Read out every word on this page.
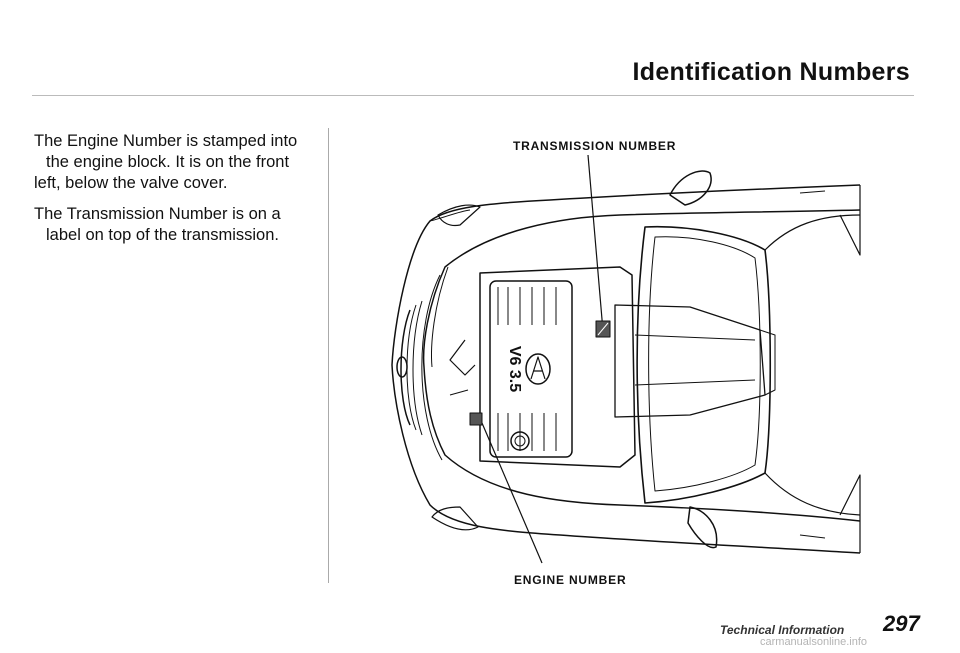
Identification Numbers
The Engine Number is stamped into
the engine block. It is on the front
left, below the valve cover.
The Transmission Number is on a
label on top of the transmission.
TRANSMISSION NUMBER
ENGINE NUMBER
V6 3.5
Technical Information 297
carmanualsonline.info
